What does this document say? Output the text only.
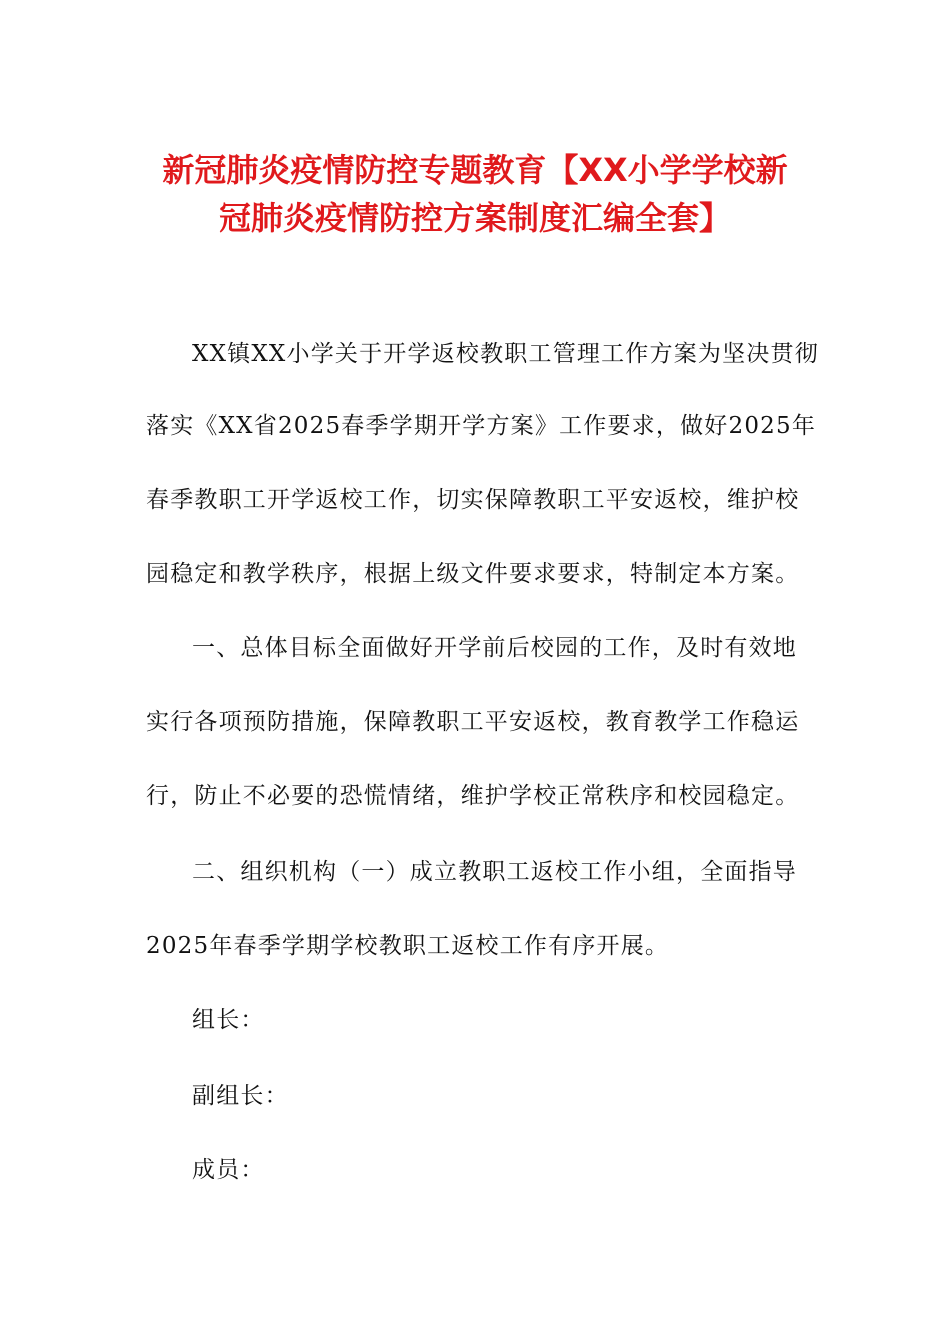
新冠肺炎疫情防控专题教育【XX小学学校新
冠肺炎疫情防控方案制度汇编全套】
XX镇XX小学关于开学返校教职工管理工作方案为坚决贯彻
落实《XX省2025春季学期开学方案》工作要求，做好2025年
春季教职工开学返校工作，切实保障教职工平安返校，维护校
园稳定和教学秩序，根据上级文件要求要求，特制定本方案。
一、总体目标全面做好开学前后校园的工作，及时有效地
实行各项预防措施，保障教职工平安返校，教育教学工作稳运
行，防止不必要的恐慌情绪，维护学校正常秩序和校园稳定。
二、组织机构（一）成立教职工返校工作小组，全面指导
2025年春季学期学校教职工返校工作有序开展。
组长：
副组长：
成员：
